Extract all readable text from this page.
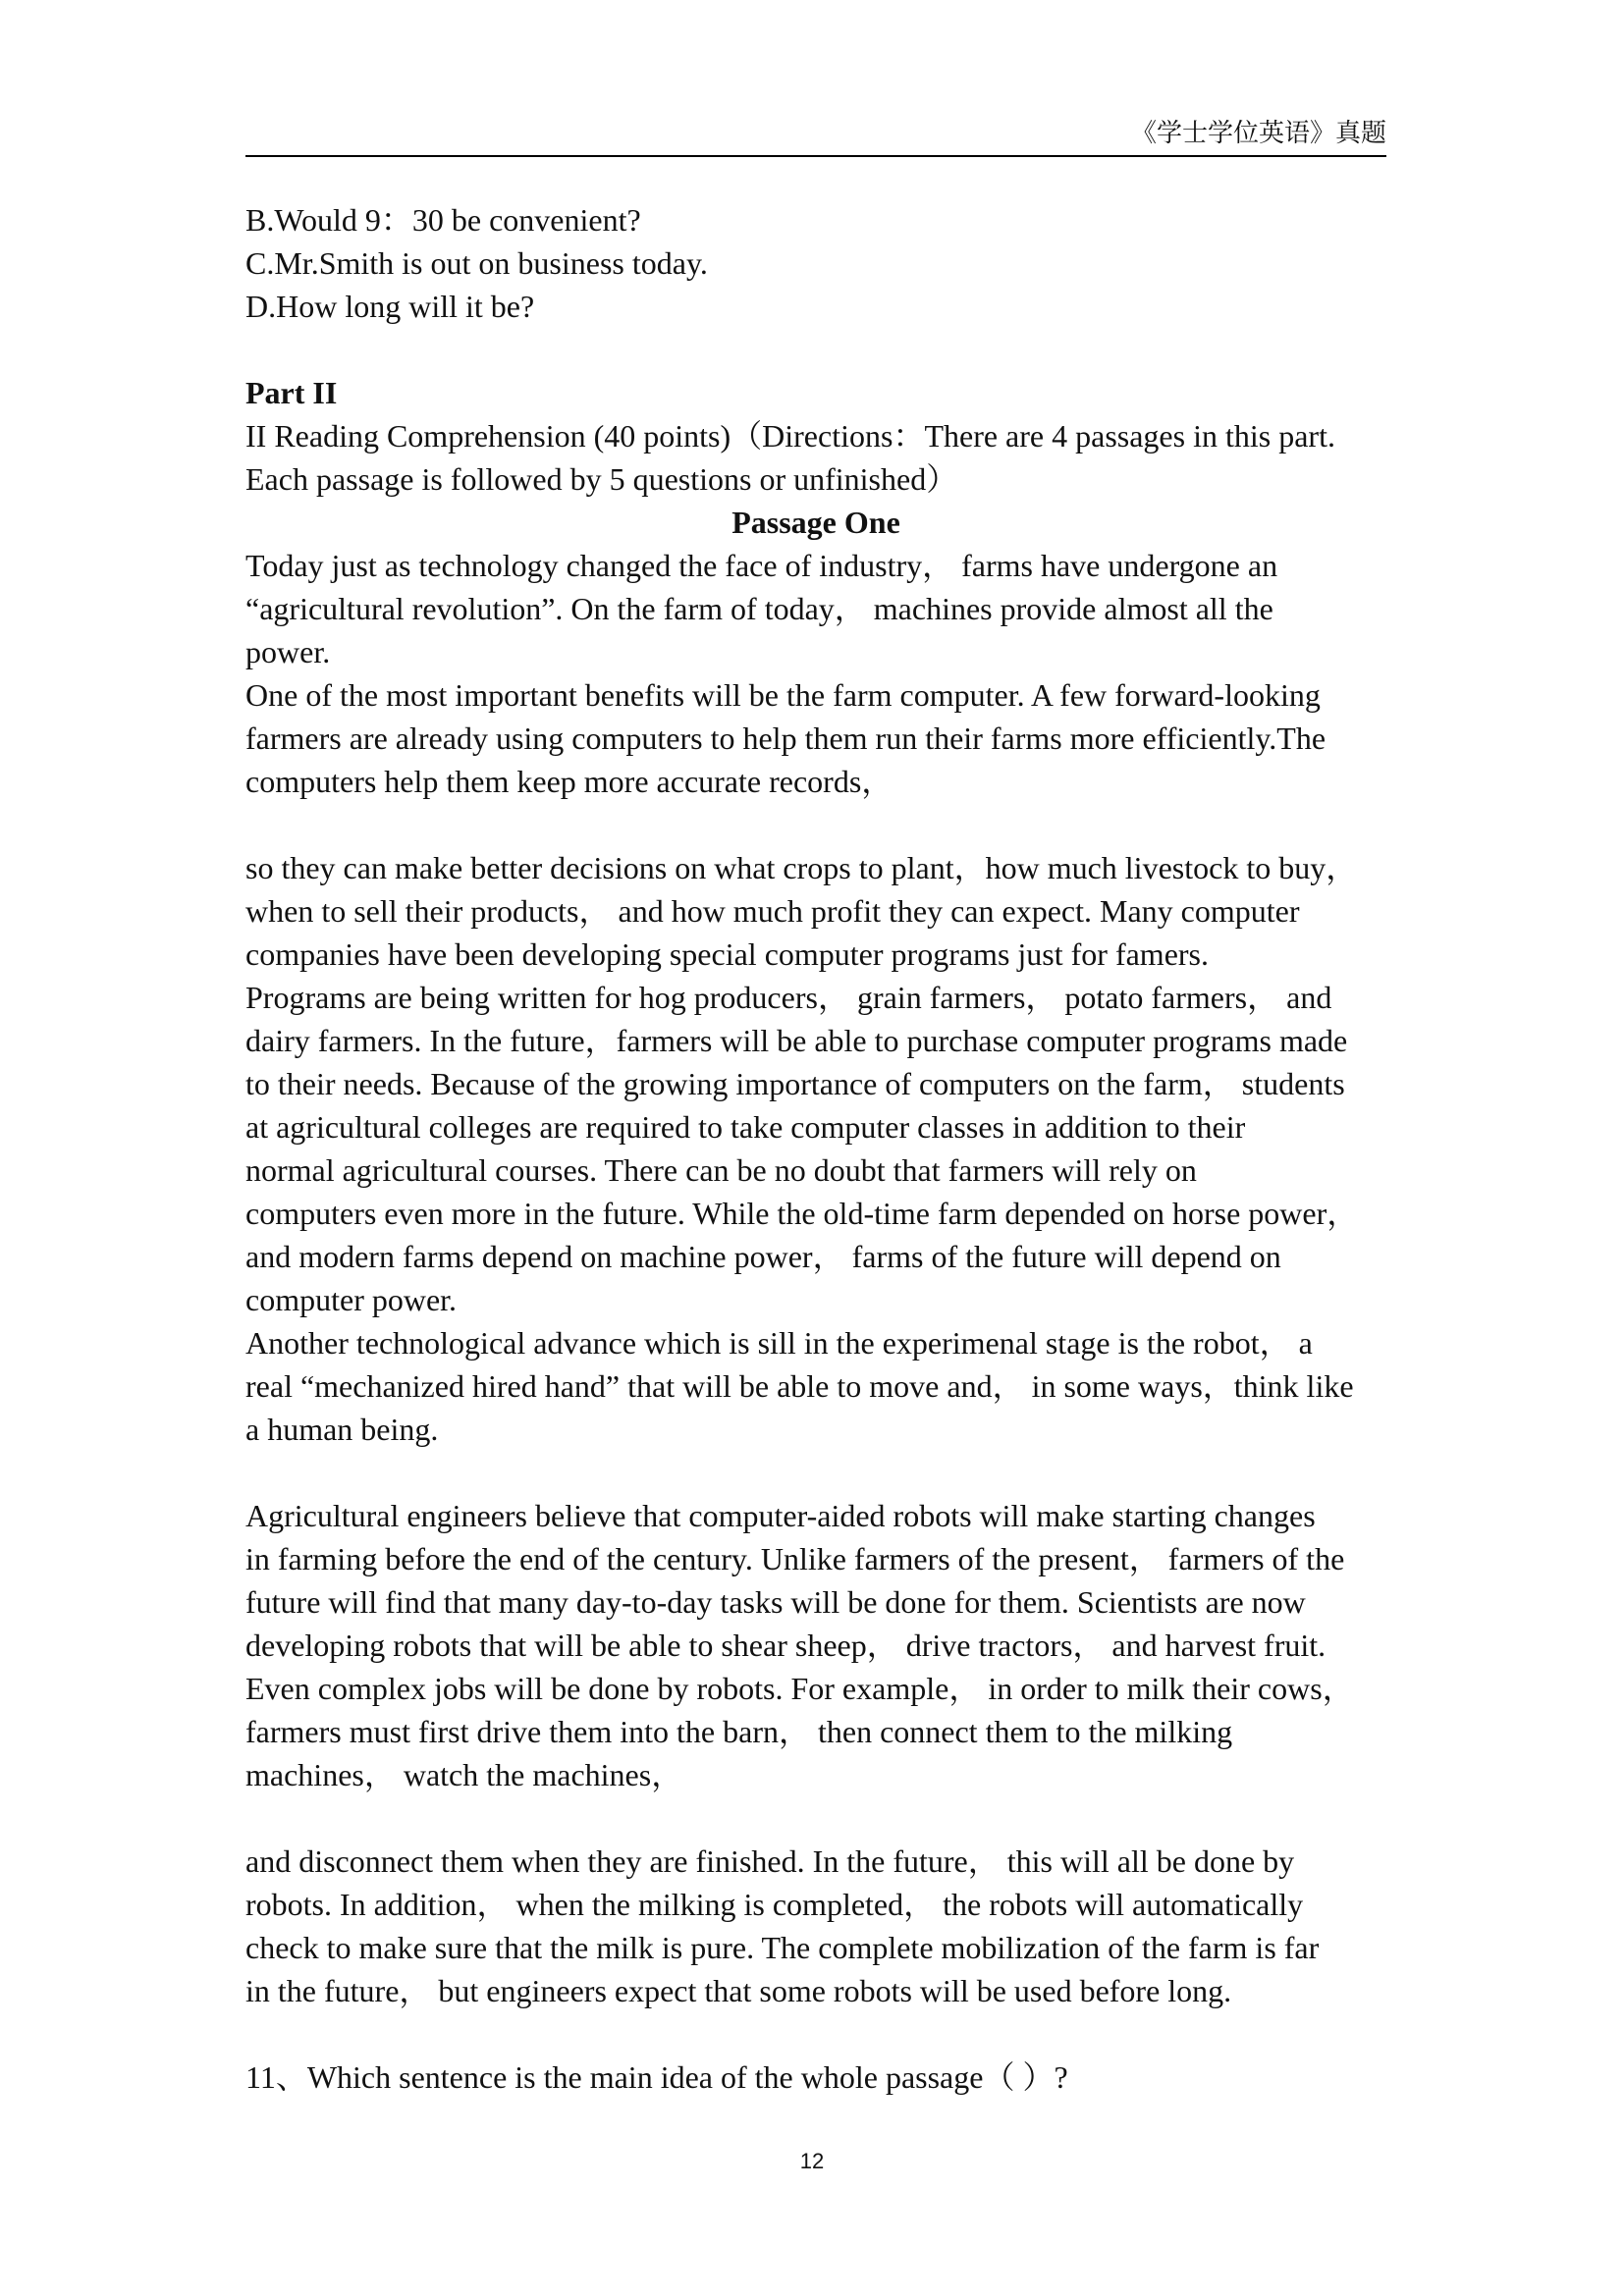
《学士学位英语》真题
B.Would 9：30 be convenient?
C.Mr.Smith is out on business today.
D.How long will it be?
Part II
II Reading Comprehension (40 points)（Directions：There are 4 passages in this part.
Each passage is followed by 5 questions or unfinished）
Passage One
Today just as technology changed the face of industry， farms have undergone an
“agricultural revolution”. On the farm of today， machines provide almost all the
power.
One of the most important benefits will be the farm computer. A few forward-looking
farmers are already using computers to help them run their farms more efficiently.The
computers help them keep more accurate records，
so they can make better decisions on what crops to plant，how much livestock to buy，
when to sell their products， and how much profit they can expect. Many computer
companies have been developing special computer programs just for famers.
Programs are being written for hog producers， grain farmers， potato farmers， and
dairy farmers. In the future，farmers will be able to purchase computer programs made
to their needs. Because of the growing importance of computers on the farm， students
at agricultural colleges are required to take computer classes in addition to their
normal agricultural courses. There can be no doubt that farmers will rely on
computers even more in the future. While the old-time farm depended on horse power，
and modern farms depend on machine power， farms of the future will depend on
computer power.
Another technological advance which is sill in the experimenal stage is the robot， a
real “mechanized hired hand” that will be able to move and， in some ways，think like
a human being.
Agricultural engineers believe that computer-aided robots will make starting changes
in farming before the end of the century. Unlike farmers of the present， farmers of the
future will find that many day-to-day tasks will be done for them. Scientists are now
developing robots that will be able to shear sheep， drive tractors， and harvest fruit.
Even complex jobs will be done by robots. For example， in order to milk their cows，
farmers must first drive them into the barn， then connect them to the milking
machines， watch the machines，
and disconnect them when they are finished. In the future， this will all be done by
robots. In addition， when the milking is completed， the robots will automatically
check to make sure that the milk is pure. The complete mobilization of the farm is far
in the future， but engineers expect that some robots will be used before long.
11、Which sentence is the main idea of the whole passage（ ）?
12
